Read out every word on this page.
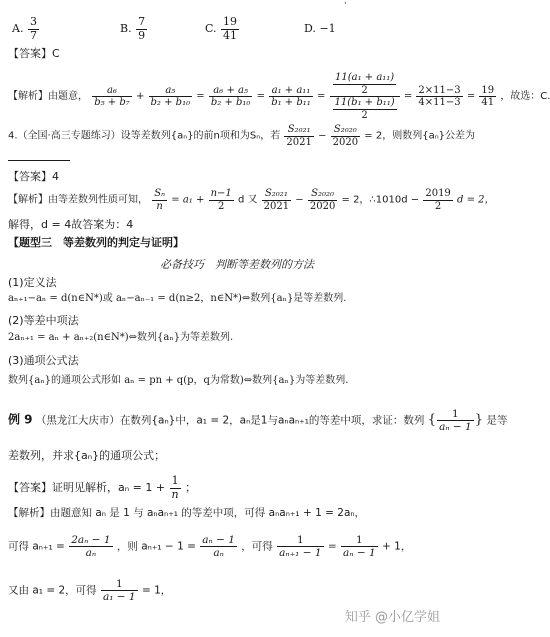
ˈ
A. $\frac{3}{7}$	B. $\frac{7}{9}$	C. $\frac{19}{41}$	D. −1
【答案】C
【解析】由题意， $\frac{\text{a₆}}{\text{b₅ + b₇}} + \frac{\text{a₅}}{\text{b₂ + b₁₀}} = \frac{\text{a₆ + a₅}}{\text{b₂ + b₁₀}} = \frac{\text{a₁ + a₁₁}}{\text{b₁ + b₁₁}} = \frac{\frac{\text{11(a₁ + a₁₁)}}{2}}{\frac{\text{11(b₁ + b₁₁)}}{2}} = \frac{2\times 11-3}{4\times 11-3} = \frac{19}{41}$ ，故选：C.
4.（全国·高三专题练习）设等差数列{aₙ}的前n项和为Sₙ，若 $\frac{\text{S₂₀₂₁}}{2021} - \frac{\text{S₂₀₂₀}}{2020} = 2$，则数列{aₙ}公差为
【答案】4
【解析】由等差数列性质可知， $\frac{\text{Sₙ}}{n} = a_1 + \frac{n-1}{2}$ d 又 $\frac{\text{S₂₀₂₁}}{2021} - \frac{\text{S₂₀₂₀}}{2020} = 2$，∴1010d − $\frac{2019}{2}$ d = 2，
解得，d = 4故答案为：4
【题型三　等差数列的判定与证明】
必备技巧　判断等差数列的方法
(1)定义法
aₙ₊₁−aₙ = d(n∈N*)或 aₙ−aₙ₋₁ = d(n≥2，n∈N*)⇔数列{aₙ}是等差数列.
(2)等差中项法
2aₙ₊₁ = aₙ + aₙ₊₂(n∈N*)⇔数列{aₙ}为等差数列.
(3)通项公式法
数列{aₙ}的通项公式形如 aₙ = pn + q(p，q为常数)⇔数列{aₙ}为等差数列.
例 9 （黑龙江大庆市）在数列{aₙ}中，a₁ = 2，aₙ是1与aₙaₙ₊₁的等差中项，求证：数列 { $\frac{1}{\text{aₙ − 1}}$ } 是等
差数列，并求{aₙ}的通项公式；
【答案】证明见解析，$a_n = 1 + \frac{1}{n}$ ；
【解析】由题意知 aₙ 是 1 与 aₙaₙ₊₁ 的等差中项，可得 aₙaₙ₊₁ + 1 = 2aₙ，
可得 $a_{n+1} = \frac{\text{2aₙ − 1}}{\text{aₙ}}$ ，则 $a_{n+1} - 1 = \frac{\text{aₙ − 1}}{\text{aₙ}}$ ，可得 $\frac{1}{\text{aₙ₊₁ − 1}} = \frac{1}{\text{aₙ − 1}} + 1$，
又由 a₁ = 2，可得 $\frac{1}{\text{a₁ − 1}} = 1$，
知乎 @小亿学姐
